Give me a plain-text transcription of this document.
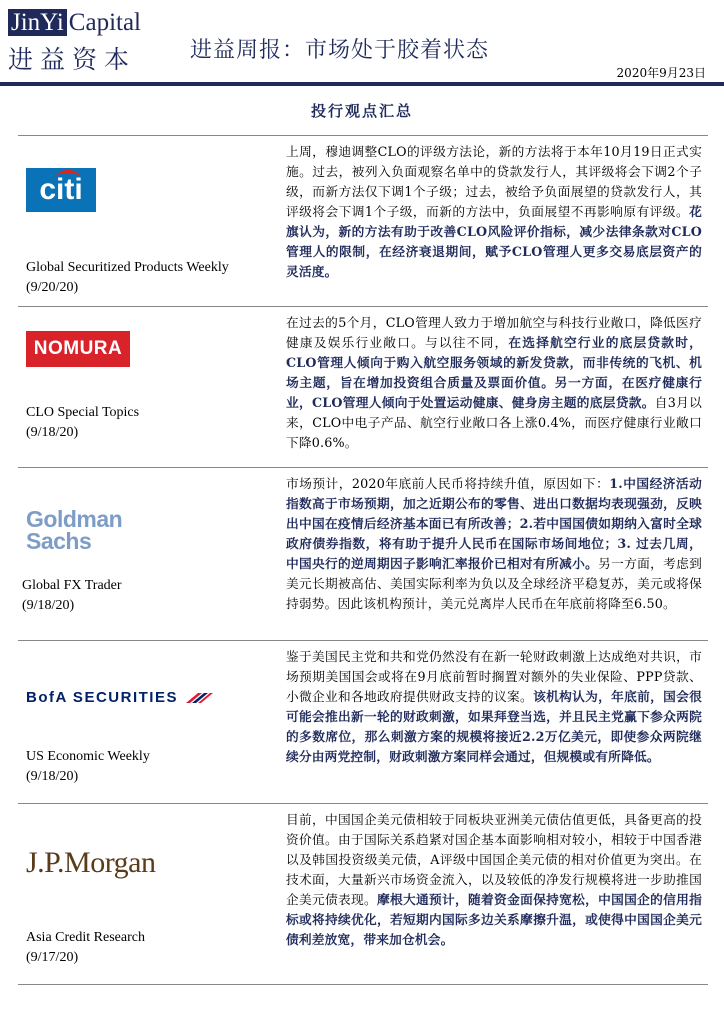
JinYi Capital
进益资本	进益周报：市场处于胶着状态
2020年9月23日
投行观点汇总
citi
Global Securitized Products Weekly
(9/20/20)
上周，穆迪调整CLO的评级方法论，新的方法将于本年10月19日正式实施。过去，被列入负面观察名单中的贷款发行人，其评级将会下调2个子级，而新方法仅下调1个子级；过去，被给予负面展望的贷款发行人，其评级将会下调1个子级，而新的方法中，负面展望不再影响原有评级。花旗认为，新的方法有助于改善CLO风险评价指标，减少法律条款对CLO管理人的限制，在经济衰退期间，赋予CLO管理人更多交易底层资产的灵活度。
NOMURA
CLO Special Topics
(9/18/20)
在过去的5个月，CLO管理人致力于增加航空与科技行业敞口，降低医疗健康及娱乐行业敞口。与以往不同，在选择航空行业的底层贷款时，CLO管理人倾向于购入航空服务领域的新发贷款，而非传统的飞机、机场主题，旨在增加投资组合质量及票面价值。另一方面，在医疗健康行业，CLO管理人倾向于处置运动健康、健身房主题的底层贷款。自3月以来，CLO中电子产品、航空行业敞口各上涨0.4%，而医疗健康行业敞口下降0.6%。
Goldman
Sachs
Global FX Trader
(9/18/20)
市场预计，2020年底前人民币将持续升值，原因如下：1.中国经济活动指数高于市场预期，加之近期公布的零售、进出口数据均表现强劲，反映出中国在疫情后经济基本面已有所改善；2.若中国国债如期纳入富时全球政府债券指数，将有助于提升人民币在国际市场间地位；3. 过去几周，中国央行的逆周期因子影响汇率报价已相对有所减小。另一方面，考虑到美元长期被高估、美国实际利率为负以及全球经济平稳复苏，美元或将保持弱势。因此该机构预计，美元兑离岸人民币在年底前将降至6.50。
BofA SECURITIES
US Economic Weekly
(9/18/20)
鉴于美国民主党和共和党仍然没有在新一轮财政刺激上达成绝对共识，市场预期美国国会或将在9月底前暂时搁置对额外的失业保险、PPP贷款、小微企业和各地政府提供财政支持的议案。该机构认为，年底前，国会很可能会推出新一轮的财政刺激，如果拜登当选，并且民主党赢下参众两院的多数席位，那么刺激方案的规模将接近2.2万亿美元，即使参众两院继续分由两党控制，财政刺激方案同样会通过，但规模或有所降低。
J.P.Morgan
Asia Credit Research
(9/17/20)
目前，中国国企美元债相较于同板块亚洲美元债估值更低，具备更高的投资价值。由于国际关系趋紧对国企基本面影响相对较小，相较于中国香港以及韩国投资级美元债，A评级中国国企美元债的相对价值更为突出。在技术面，大量新兴市场资金流入，以及较低的净发行规模将进一步助推国企美元债表现。摩根大通预计，随着资金面保持宽松，中国国企的信用指标或将持续优化，若短期内国际多边关系摩擦升温，或使得中国国企美元债利差放宽，带来加仓机会。
